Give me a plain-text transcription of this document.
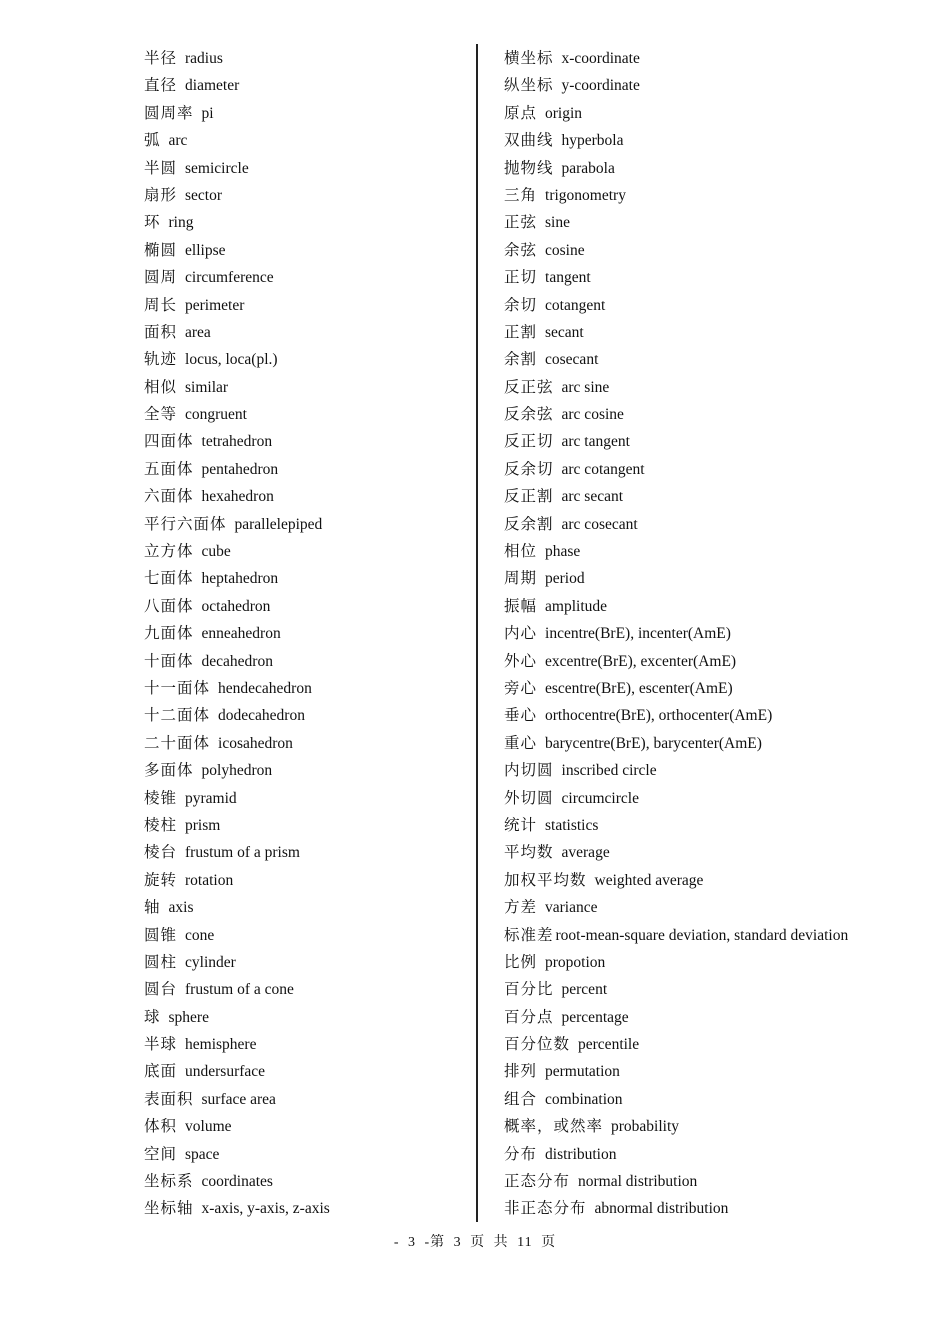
半径 radius
直径 diameter
圆周率 pi
弧 arc
半圆 semicircle
扇形 sector
环 ring
椭圆 ellipse
圆周 circumference
周长 perimeter
面积 area
轨迹 locus, loca(pl.)
相似 similar
全等 congruent
四面体 tetrahedron
五面体 pentahedron
六面体 hexahedron
平行六面体 parallelepiped
立方体 cube
七面体 heptahedron
八面体 octahedron
九面体 enneahedron
十面体 decahedron
十一面体 hendecahedron
十二面体 dodecahedron
二十面体 icosahedron
多面体 polyhedron
棱锥 pyramid
棱柱 prism
棱台 frustum of a prism
旋转 rotation
轴 axis
圆锥 cone
圆柱 cylinder
圆台 frustum of a cone
球 sphere
半球 hemisphere
底面 undersurface
表面积 surface area
体积 volume
空间 space
坐标系 coordinates
坐标轴 x-axis, y-axis, z-axis
横坐标 x-coordinate
纵坐标 y-coordinate
原点 origin
双曲线 hyperbola
抛物线 parabola
三角 trigonometry
正弦 sine
余弦 cosine
正切 tangent
余切 cotangent
正割 secant
余割 cosecant
反正弦 arc sine
反余弦 arc cosine
反正切 arc tangent
反余切 arc cotangent
反正割 arc secant
反余割 arc cosecant
相位 phase
周期 period
振幅 amplitude
内心 incentre(BrE), incenter(AmE)
外心 excentre(BrE), excenter(AmE)
旁心 escentre(BrE), escenter(AmE)
垂心 orthocentre(BrE), orthocenter(AmE)
重心 barycentre(BrE), barycenter(AmE)
内切圆 inscribed circle
外切圆 circumcircle
统计 statistics
平均数 average
加权平均数 weighted average
方差 variance
标准差 root-mean-square deviation, standard deviation
比例 propotion
百分比 percent
百分点 percentage
百分位数 percentile
排列 permutation
组合 combination
概率，或然率 probability
分布 distribution
正态分布 normal distribution
非正态分布 abnormal distribution
- 3 -第 3 页 共 11 页
